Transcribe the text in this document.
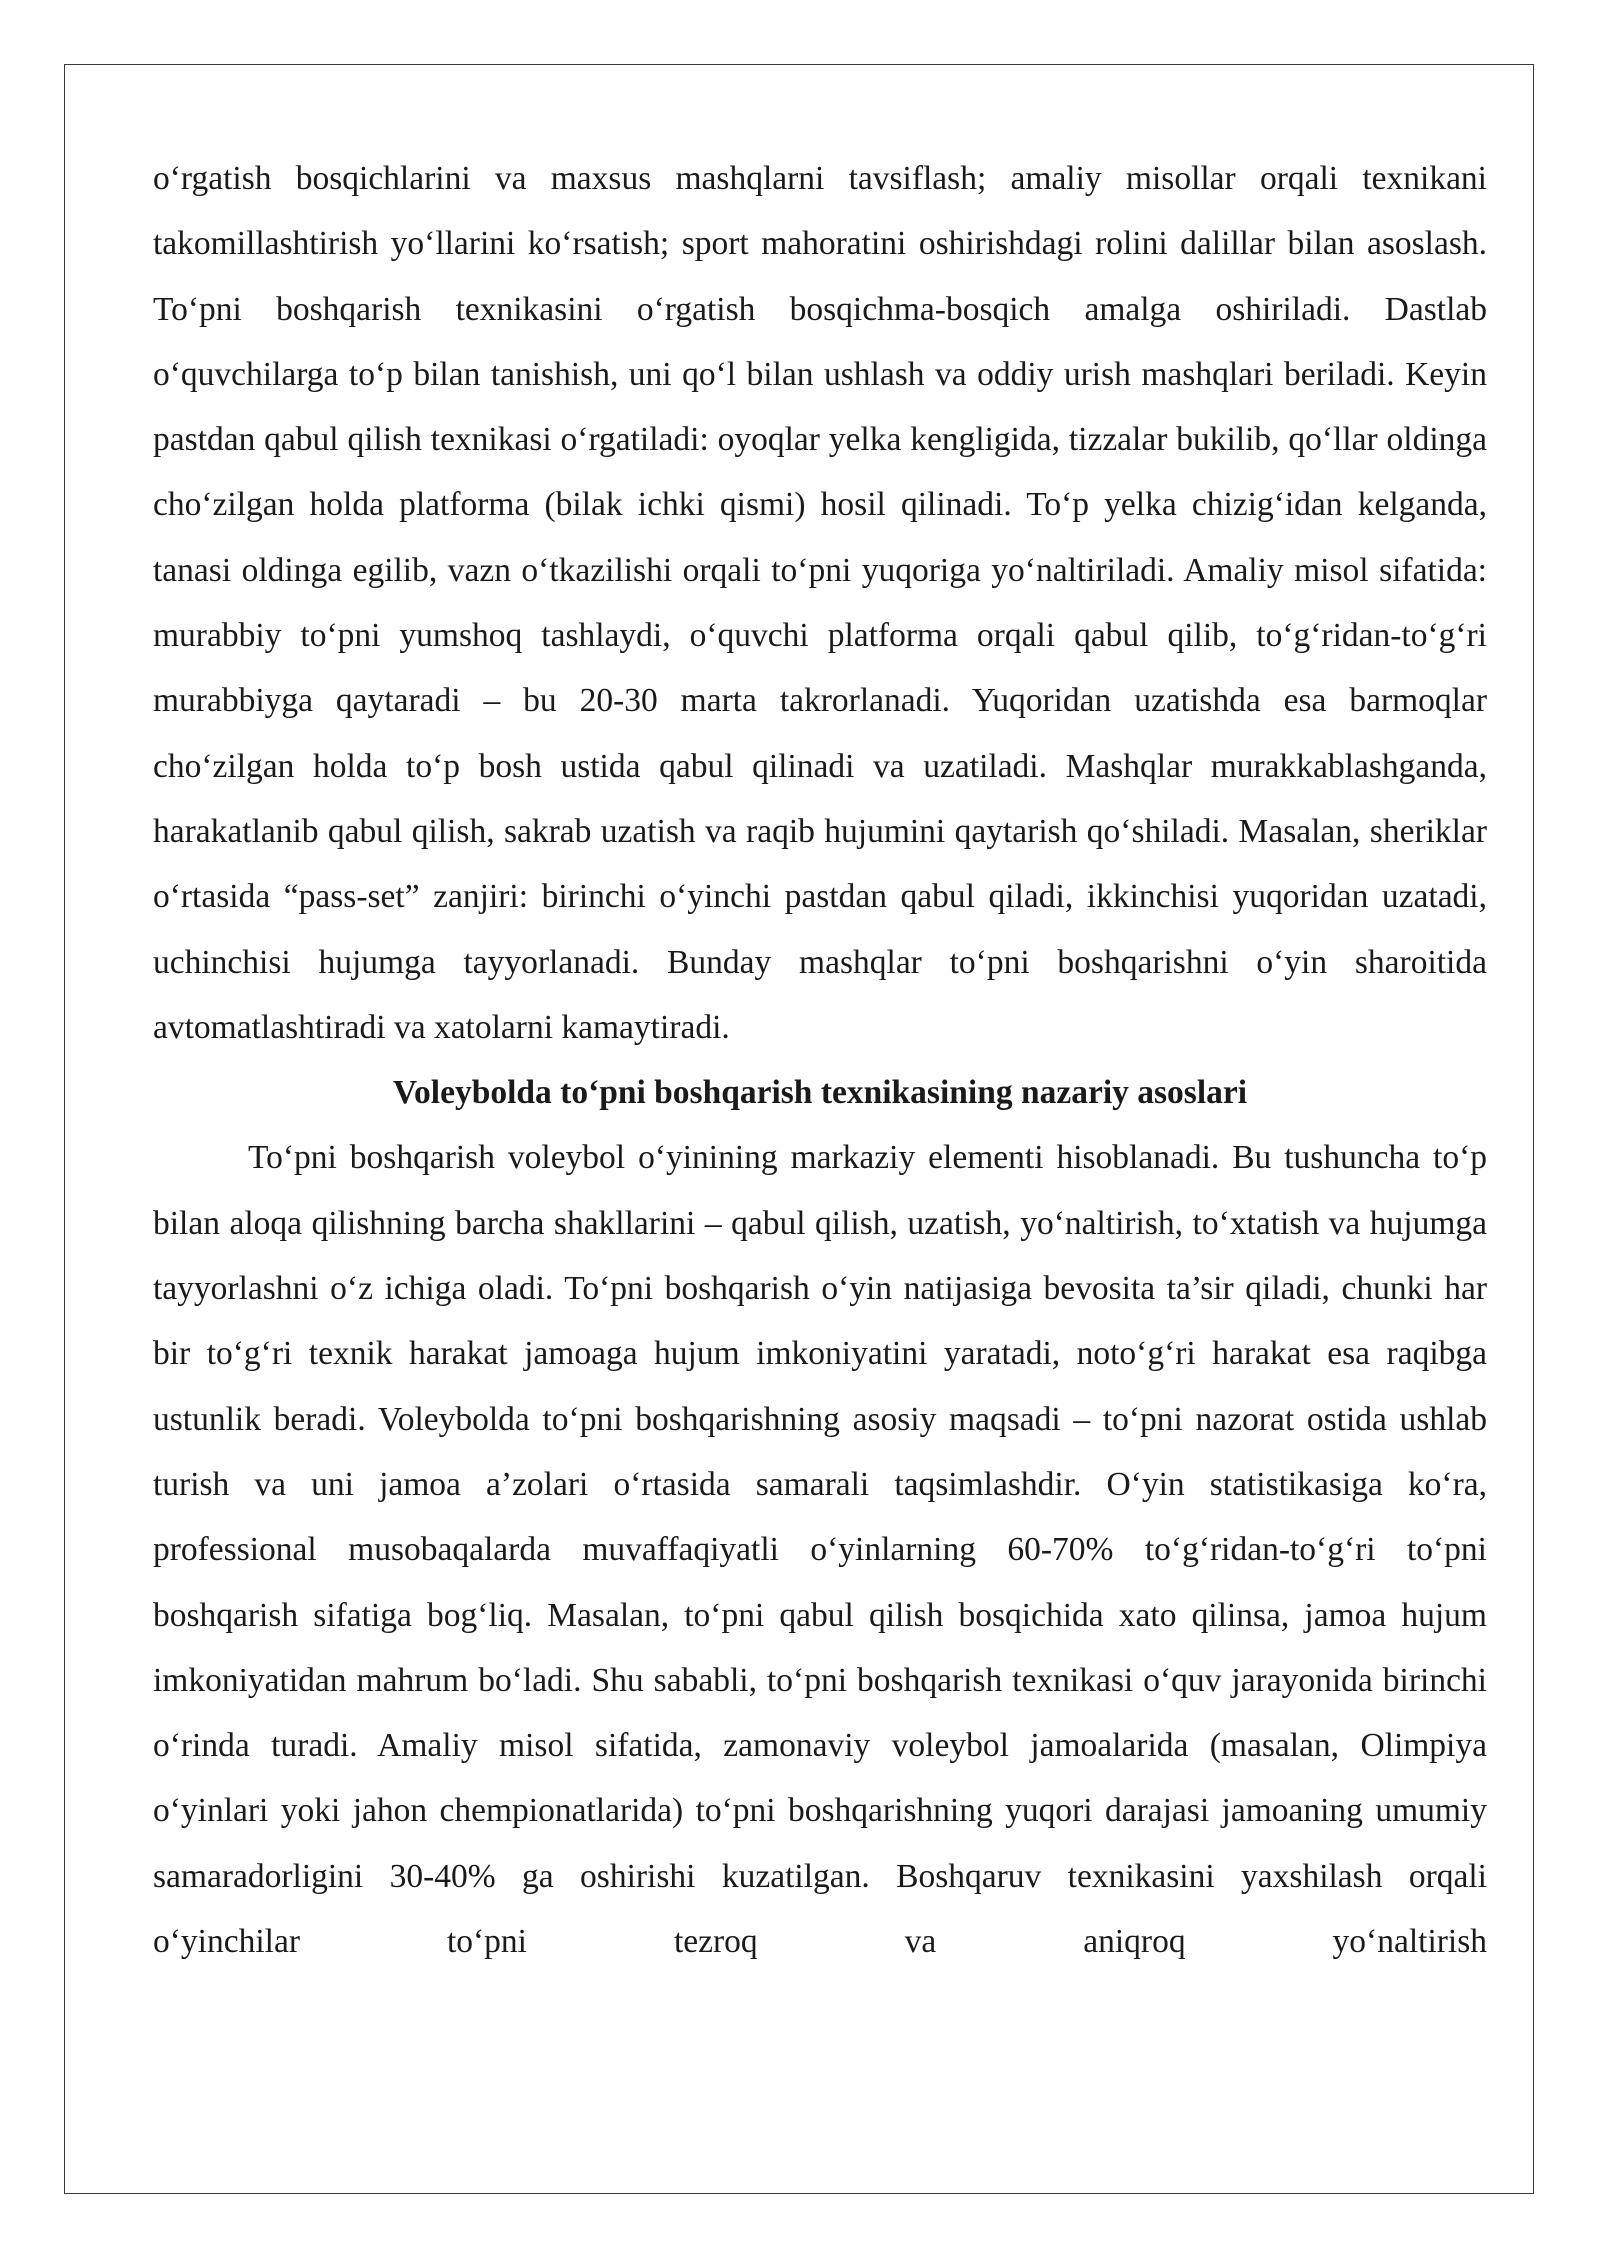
o‘rgatish bosqichlarini va maxsus mashqlarni tavsiflash; amaliy misollar orqali texnikani takomillashtirish yo‘llarini ko‘rsatish; sport mahoratini oshirishdagi rolini dalillar bilan asoslash. To‘pni boshqarish texnikasini o‘rgatish bosqichma-bosqich amalga oshiriladi. Dastlab o‘quvchilarga to‘p bilan tanishish, uni qo‘l bilan ushlash va oddiy urish mashqlari beriladi. Keyin pastdan qabul qilish texnikasi o‘rgatiladi: oyoqlar yelka kengligida, tizzalar bukilib, qo‘llar oldinga cho‘zilgan holda platforma (bilak ichki qismi) hosil qilinadi. To‘p yelka chizig‘idan kelganda, tanasi oldinga egilib, vazn o‘tkazilishi orqali to‘pni yuqoriga yo‘naltiriladi. Amaliy misol sifatida: murabbiy to‘pni yumshoq tashlaydi, o‘quvchi platforma orqali qabul qilib, to‘g‘ridan-to‘g‘ri murabbiyga qaytaradi – bu 20-30 marta takrorlanadi. Yuqoridan uzatishda esa barmoqlar cho‘zilgan holda to‘p bosh ustida qabul qilinadi va uzatiladi. Mashqlar murakkablashganda, harakatlanib qabul qilish, sakrab uzatish va raqib hujumini qaytarish qo‘shiladi. Masalan, sheriklar o‘rtasida “pass-set” zanjiri: birinchi o‘yinchi pastdan qabul qiladi, ikkinchisi yuqoridan uzatadi, uchinchisi hujumga tayyorlanadi. Bunday mashqlar to‘pni boshqarishni o‘yin sharoitida avtomatlashtiradi va xatolarni kamaytiradi.

Voleybolda to‘pni boshqarish texnikasining nazariy asoslari

To‘pni boshqarish voleybol o‘yinining markaziy elementi hisoblanadi. Bu tushuncha to‘p bilan aloqa qilishning barcha shakllarini – qabul qilish, uzatish, yo‘naltirish, to‘xtatish va hujumga tayyorlashni o‘z ichiga oladi. To‘pni boshqarish o‘yin natijasiga bevosita ta’sir qiladi, chunki har bir to‘g‘ri texnik harakat jamoaga hujum imkoniyatini yaratadi, noto‘g‘ri harakat esa raqibga ustunlik beradi. Voleybolda to‘pni boshqarishning asosiy maqsadi – to‘pni nazorat ostida ushlab turish va uni jamoa a’zolari o‘rtasida samarali taqsimlashdir. O‘yin statistikasiga ko‘ra, professional musobaqalarda muvaffaqiyatli o‘yinlarning 60-70% to‘g‘ridan-to‘g‘ri to‘pni boshqarish sifatiga bog‘liq. Masalan, to‘pni qabul qilish bosqichida xato qilinsa, jamoa hujum imkoniyatidan mahrum bo‘ladi. Shu sababli, to‘pni boshqarish texnikasi o‘quv jarayonida birinchi o‘rinda turadi. Amaliy misol sifatida, zamonaviy voleybol jamoalarida (masalan, Olimpiya o‘yinlari yoki jahon chempionatlarida) to‘pni boshqarishning yuqori darajasi jamoaning umumiy samaradorligini 30-40% ga oshirishi kuzatilgan. Boshqaruv texnikasini yaxshilash orqali o‘yinchilar to‘pni tezroq va aniqroq yo‘naltirish
